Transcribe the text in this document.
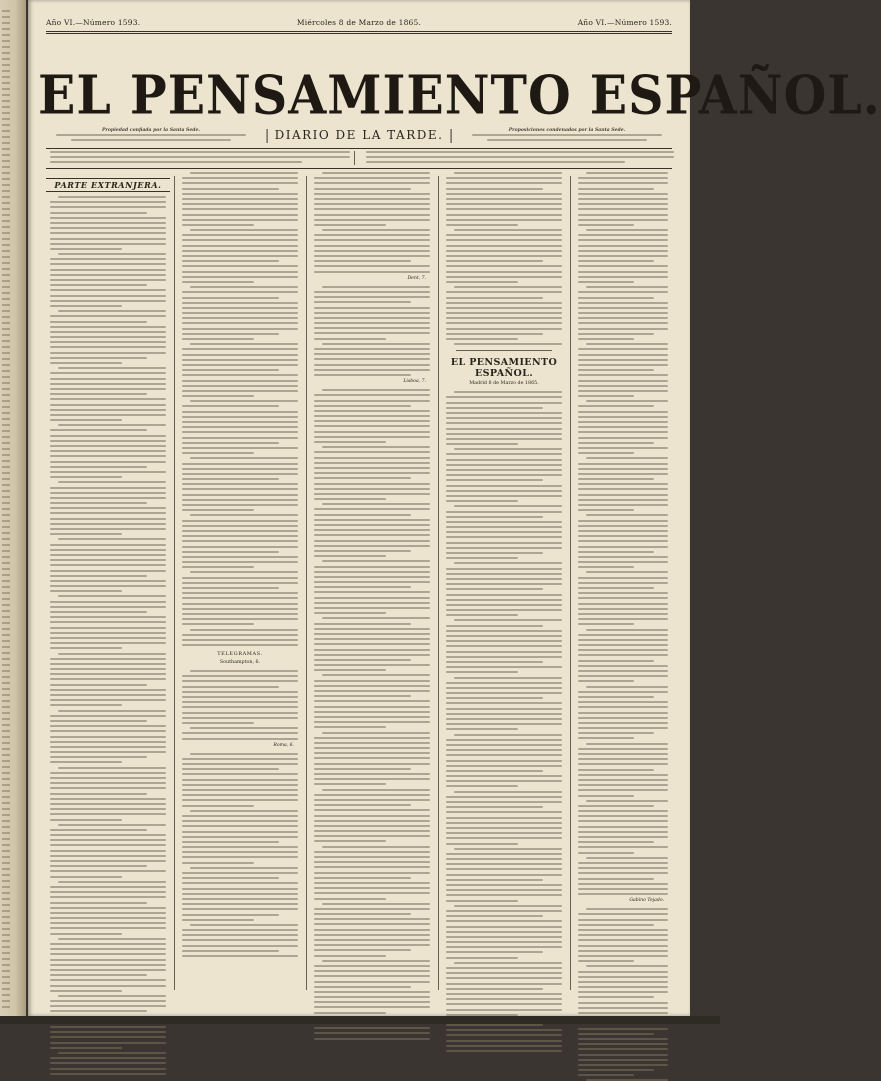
Año VI.—Número 1593.	Miércoles 8 de Marzo de 1865.	Año VI.—Número 1593.
EL PENSAMIENTO ESPAÑOL.
Propiedad confiada por la Santa Sede.	DIARIO DE LA TARDE.	Proposiciones condenadas por la Santa Sede.
PARTE EXTRANJERA.
TELEGRAMAS.
Southampton, 6.
Roma, 6.
Dent, 7.
Lisboa, 7.
EL PENSAMIENTO ESPAÑOL.
Madrid 8 de Marzo de 1865.
Gabino Tejado.
